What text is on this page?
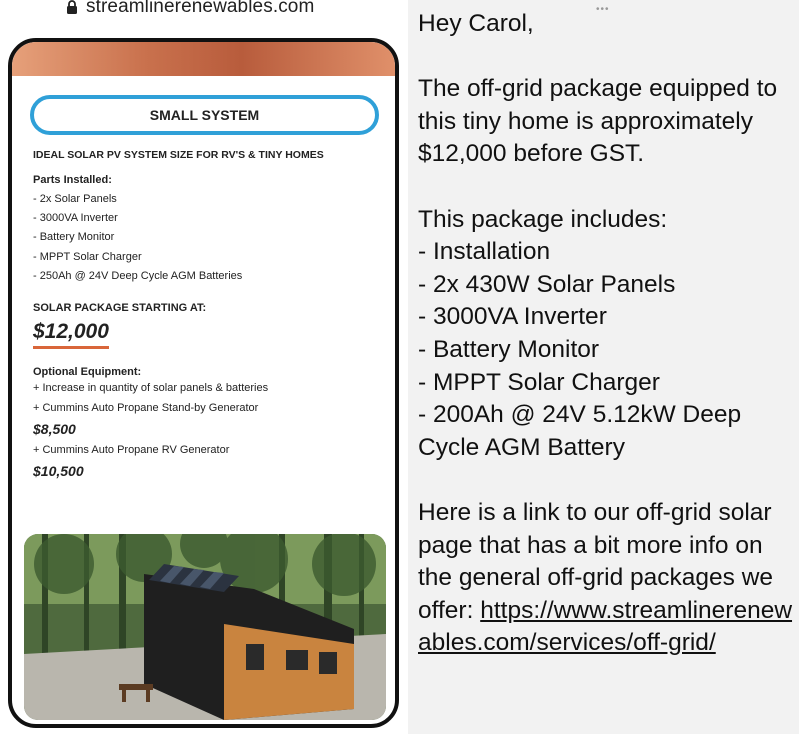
streamlinerenewables.com
SMALL SYSTEM
IDEAL SOLAR PV SYSTEM SIZE FOR RV'S & TINY HOMES
Parts Installed:
- 2x Solar Panels
- 3000VA Inverter
- Battery Monitor
- MPPT Solar Charger
- 250Ah @ 24V Deep Cycle AGM Batteries
SOLAR PACKAGE STARTING AT:
$12,000
Optional Equipment:
+ Increase in quantity of solar panels & batteries
+ Cummins Auto Propane Stand-by Generator
$8,500
+ Cummins Auto Propane RV Generator
$10,500
•••
Hey Carol,
The off-grid package equipped to this tiny home is approximately $12,000 before GST.
This package includes:
- Installation
- 2x 430W Solar Panels
- 3000VA Inverter
- Battery Monitor
- MPPT Solar Charger
- 200Ah @ 24V 5.12kW Deep Cycle AGM Battery
Here is a link to our off-grid solar page that has a bit more info on the general off-grid packages we offer: https://www.streamlinerenewables.com/services/off-grid/
